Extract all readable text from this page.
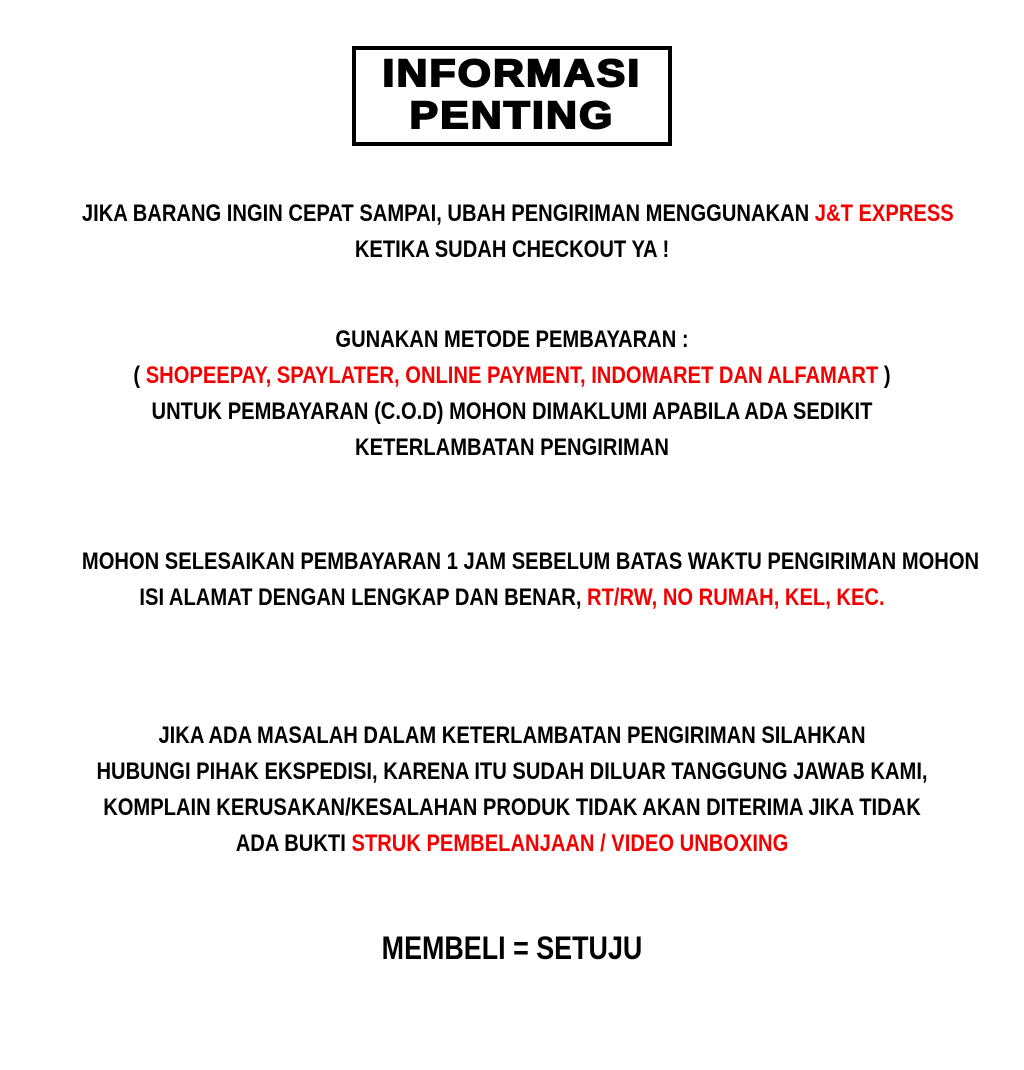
INFORMASI PENTING
JIKA BARANG INGIN CEPAT SAMPAI, UBAH PENGIRIMAN MENGGUNAKAN J&T EXPRESS
KETIKA SUDAH CHECKOUT YA !
GUNAKAN METODE PEMBAYARAN :
( SHOPEEPAY, SPAYLATER, ONLINE PAYMENT, INDOMARET DAN ALFAMART )
UNTUK PEMBAYARAN (C.O.D) MOHON DIMAKLUMI APABILA ADA SEDIKIT
KETERLAMBATAN PENGIRIMAN
MOHON SELESAIKAN PEMBAYARAN 1 JAM SEBELUM BATAS WAKTU PENGIRIMAN MOHON
ISI ALAMAT DENGAN LENGKAP DAN BENAR, RT/RW, NO RUMAH, KEL, KEC.
JIKA ADA MASALAH DALAM KETERLAMBATAN PENGIRIMAN SILAHKAN
HUBUNGI PIHAK EKSPEDISI, KARENA ITU SUDAH DILUAR TANGGUNG JAWAB KAMI,
KOMPLAIN KERUSAKAN/KESALAHAN PRODUK TIDAK AKAN DITERIMA JIKA TIDAK
ADA BUKTI STRUK PEMBELANJAAN / VIDEO UNBOXING
MEMBELI = SETUJU
